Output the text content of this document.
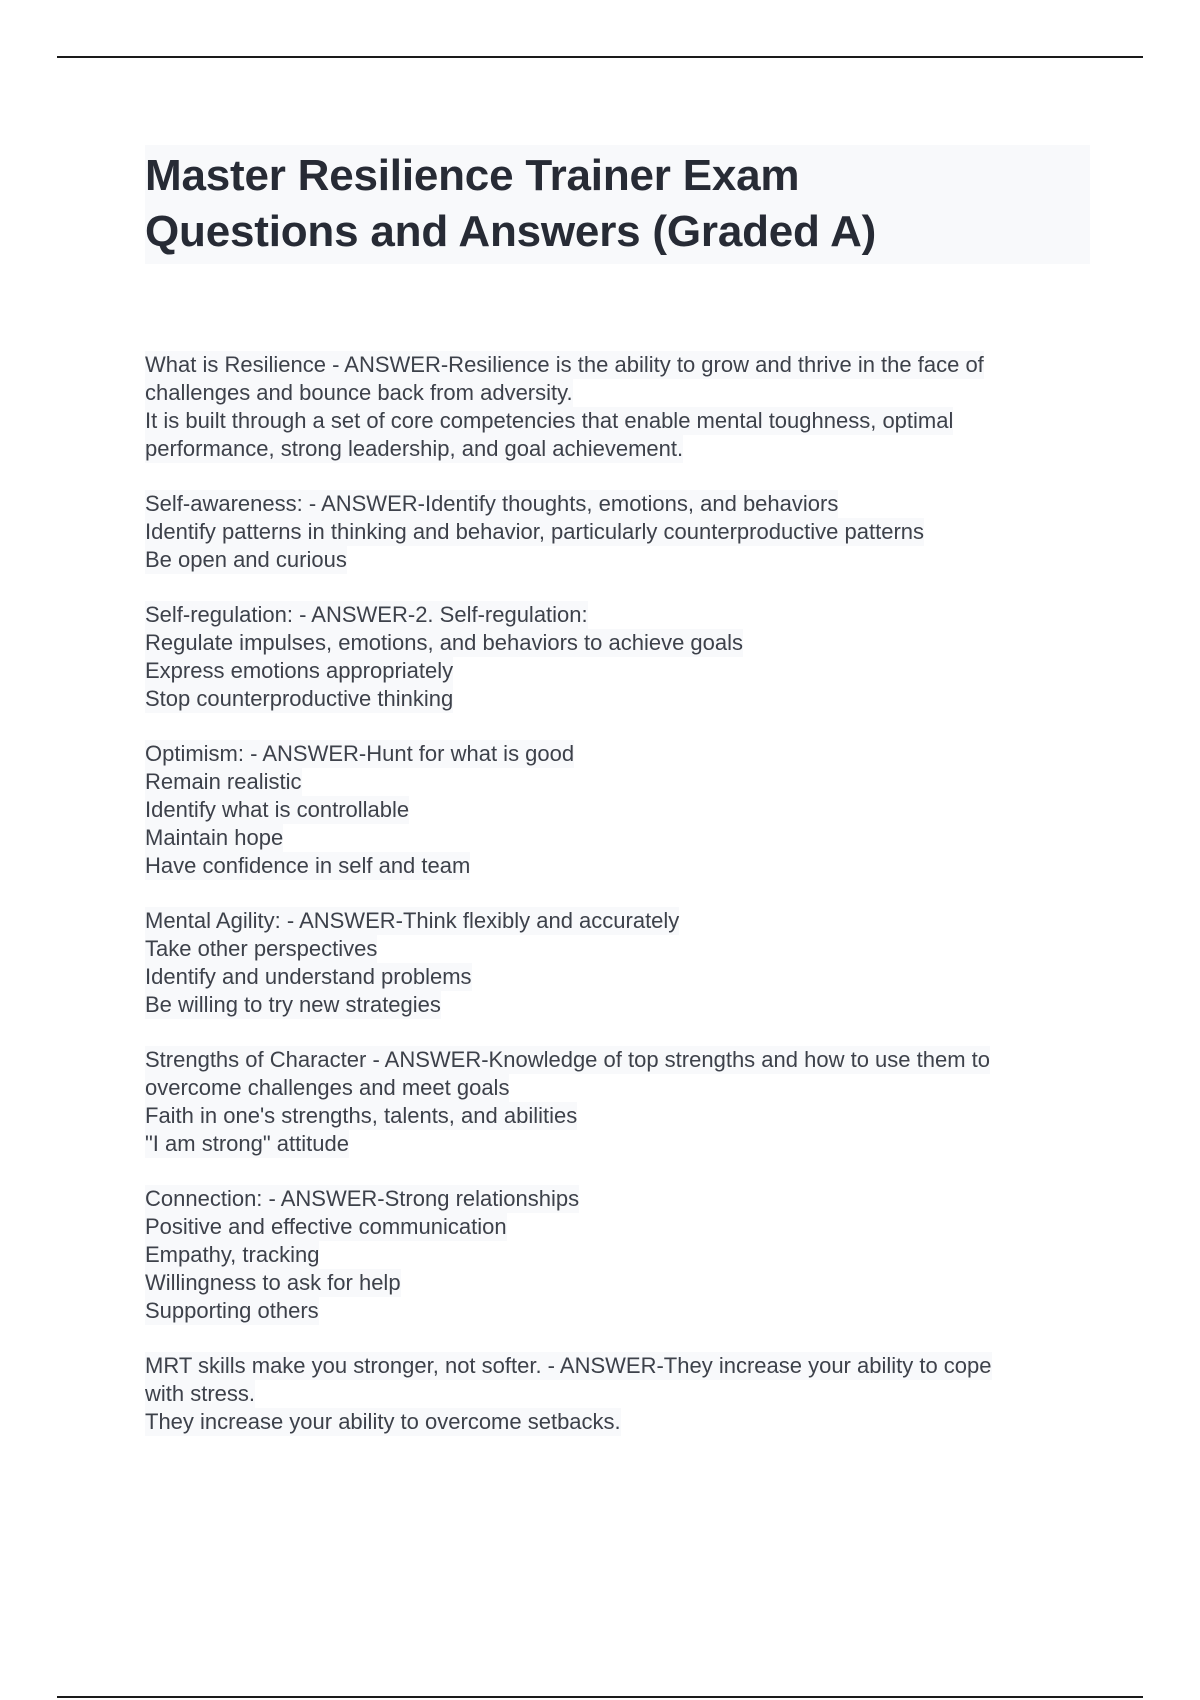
Master Resilience Trainer Exam
Questions and Answers (Graded A)
What is Resilience - ANSWER-Resilience is the ability to grow and thrive in the face of
challenges and bounce back from adversity.
It is built through a set of core competencies that enable mental toughness, optimal
performance, strong leadership, and goal achievement.
Self-awareness: - ANSWER-Identify thoughts, emotions, and behaviors
Identify patterns in thinking and behavior, particularly counterproductive patterns
Be open and curious
Self-regulation: - ANSWER-2. Self-regulation:
Regulate impulses, emotions, and behaviors to achieve goals
Express emotions appropriately
Stop counterproductive thinking
Optimism: - ANSWER-Hunt for what is good
Remain realistic
Identify what is controllable
Maintain hope
Have confidence in self and team
Mental Agility: - ANSWER-Think flexibly and accurately
Take other perspectives
Identify and understand problems
Be willing to try new strategies
Strengths of Character - ANSWER-Knowledge of top strengths and how to use them to
overcome challenges and meet goals
Faith in one's strengths, talents, and abilities
"I am strong" attitude
Connection: - ANSWER-Strong relationships
Positive and effective communication
Empathy, tracking
Willingness to ask for help
Supporting others
MRT skills make you stronger, not softer. - ANSWER-They increase your ability to cope
with stress.
They increase your ability to overcome setbacks.
